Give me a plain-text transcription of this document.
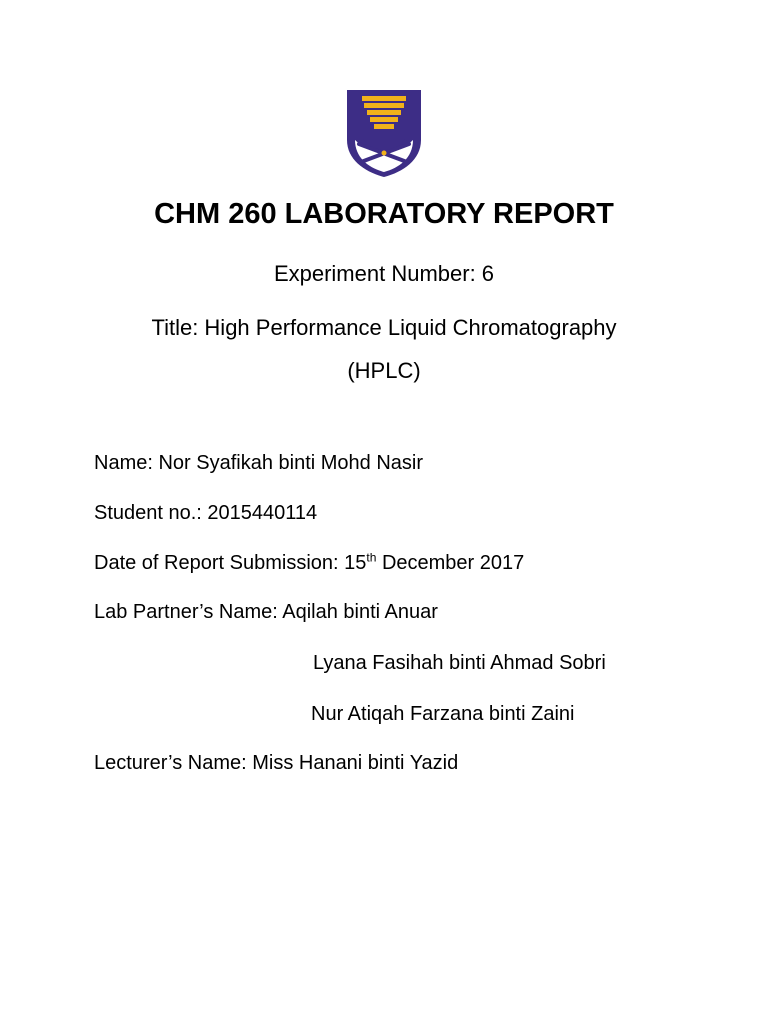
CHM 260 LABORATORY REPORT
Experiment Number: 6
Title: High Performance Liquid Chromatography
(HPLC)
Name: Nor Syafikah binti Mohd Nasir
Student no.: 2015440114
Date of Report Submission: 15th December 2017
Lab Partner’s Name: Aqilah binti Anuar
Lyana Fasihah binti Ahmad Sobri
Nur Atiqah Farzana binti Zaini
Lecturer’s Name: Miss Hanani binti Yazid
